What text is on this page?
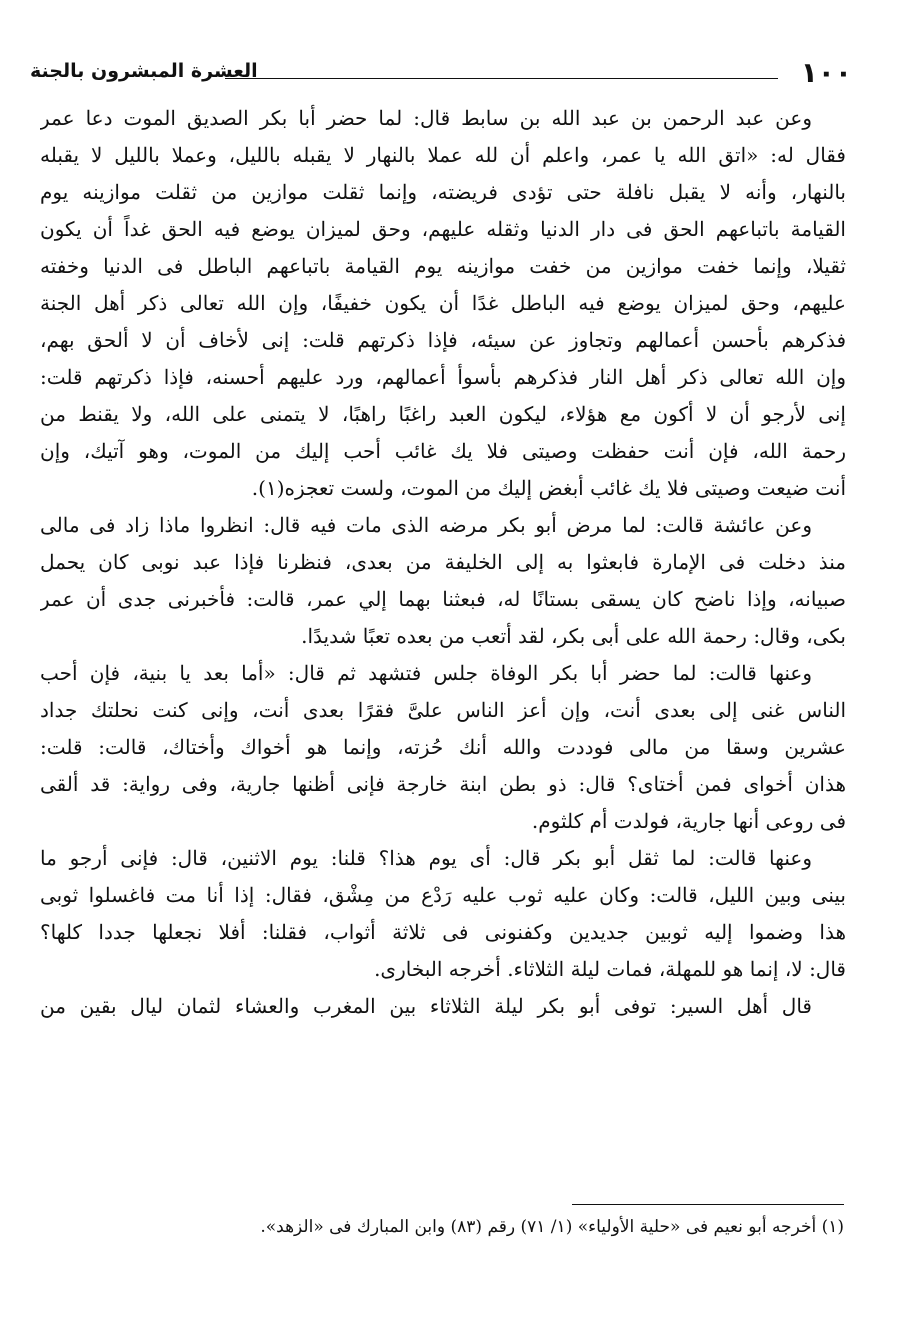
١٠٠
العشرة المبشرون بالجنة
وعن عبد الرحمن بن عبد الله بن سابط قال: لما حضر أبا بكر الصديق الموت دعا عمر
فقال له: «اتق الله يا عمر، واعلم أن لله عملا بالنهار لا يقبله بالليل، وعملا بالليل لا يقبله
بالنهار، وأنه لا يقبل نافلة حتى تؤدى فريضته، وإنما ثقلت موازين من ثقلت موازينه يوم
القيامة باتباعهم الحق فى دار الدنيا وثقله عليهم، وحق لميزان يوضع فيه الحق غداً أن يكون
ثقيلا، وإنما خفت موازين من خفت موازينه يوم القيامة باتباعهم الباطل فى الدنيا وخفته
عليهم، وحق لميزان يوضع فيه الباطل غدًا أن يكون خفيفًا، وإن الله تعالى ذكر أهل الجنة
فذكرهم بأحسن أعمالهم وتجاوز عن سيئه، فإذا ذكرتهم قلت: إنى لأخاف أن لا ألحق بهم،
وإن الله تعالى ذكر أهل النار فذكرهم بأسوأ أعمالهم، ورد عليهم أحسنه، فإذا ذكرتهم قلت:
إنى لأرجو أن لا أكون مع هؤلاء، ليكون العبد راغبًا راهبًا، لا يتمنى على الله، ولا يقنط من
رحمة الله، فإن أنت حفظت وصيتى فلا يك غائب أحب إليك من الموت، وهو آتيك، وإن
أنت ضيعت وصيتى فلا يك غائب أبغض إليك من الموت، ولست تعجزه(١).
وعن عائشة قالت: لما مرض أبو بكر مرضه الذى مات فيه قال: انظروا ماذا زاد فى مالى
منذ دخلت فى الإمارة فابعثوا به إلى الخليفة من بعدى، فنظرنا فإذا عبد نوبى كان يحمل
صبيانه، وإذا ناضح كان يسقى بستانًا له، فبعثنا بهما إلي عمر، قالت: فأخبرنى جدى أن عمر
بكى، وقال: رحمة الله على أبى بكر، لقد أتعب من بعده تعبًا شديدًا.
وعنها قالت: لما حضر أبا بكر الوفاة جلس فتشهد ثم قال: «أما بعد يا بنية، فإن أحب
الناس غنى إلى بعدى أنت، وإن أعز الناس علىَّ فقرًا بعدى أنت، وإنى كنت نحلتك جداد
عشرين وسقا من مالى فوددت والله أنك حُزته، وإنما هو أخواك وأختاك، قالت: قلت:
هذان أخواى فمن أختاى؟ قال: ذو بطن ابنة خارجة فإنى أظنها جارية، وفى رواية: قد ألقى
فى روعى أنها جارية، فولدت أم كلثوم.
وعنها قالت: لما ثقل أبو بكر قال: أى يوم هذا؟ قلنا: يوم الاثنين، قال: فإنى أرجو ما
بينى وبين الليل، قالت: وكان عليه ثوب عليه رَدْع من مِشْق، فقال: إذا أنا مت فاغسلوا ثوبى
هذا وضموا إليه ثوبين جديدين وكفنونى فى ثلاثة أثواب، فقلنا: أفلا نجعلها جددا كلها؟
قال: لا، إنما هو للمهلة، فمات ليلة الثلاثاء. أخرجه البخارى.
قال أهل السير: توفى أبو بكر ليلة الثلاثاء بين المغرب والعشاء لثمان ليال بقين من
(١) أخرجه أبو نعيم فى «حلية الأولياء» (١/ ٧١) رقم (٨٣) وابن المبارك فى «الزهد».
